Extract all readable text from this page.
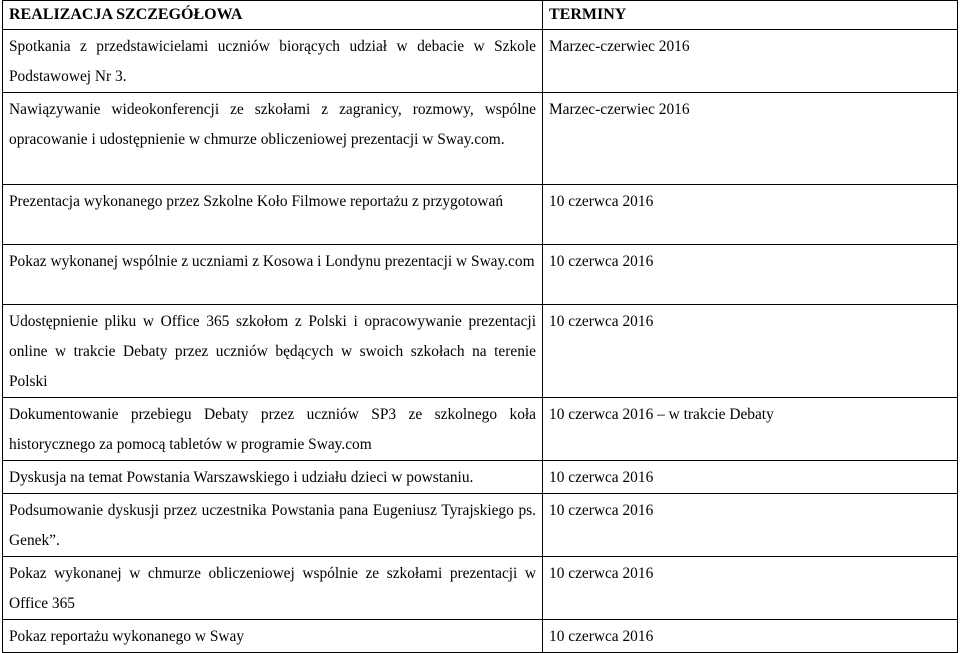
REALIZACJA SZCZEGÓŁOWA	TERMINY
Spotkania z przedstawicielami uczniów biorących udział w debacie w Szkole Podstawowej Nr 3.	Marzec-czerwiec 2016
Nawiązywanie wideokonferencji ze szkołami z zagranicy, rozmowy, wspólne opracowanie i udostępnienie w chmurze obliczeniowej prezentacji w Sway.com.	Marzec-czerwiec 2016
Prezentacja wykonanego przez Szkolne Koło Filmowe reportażu z przygotowań	10 czerwca 2016
Pokaz wykonanej wspólnie z uczniami z Kosowa i Londynu prezentacji w Sway.com	10 czerwca 2016
Udostępnienie pliku w Office 365 szkołom z Polski i opracowywanie prezentacji online w trakcie Debaty przez uczniów będących w swoich szkołach na terenie Polski	10 czerwca 2016
Dokumentowanie przebiegu Debaty przez uczniów SP3 ze szkolnego koła historycznego za pomocą tabletów w programie Sway.com	10 czerwca 2016 – w trakcie Debaty
Dyskusja na temat Powstania Warszawskiego i udziału dzieci w powstaniu.	10 czerwca 2016
Podsumowanie dyskusji przez uczestnika Powstania pana Eugeniusz Tyrajskiego ps. Genek”.	10 czerwca 2016
Pokaz wykonanej w chmurze obliczeniowej wspólnie ze szkołami prezentacji w Office 365	10 czerwca 2016
Pokaz reportażu wykonanego w Sway	10 czerwca 2016
